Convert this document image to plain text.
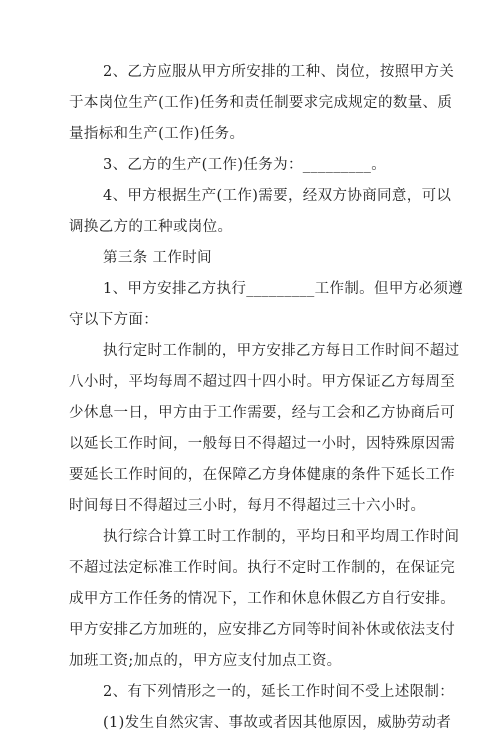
2、乙方应服从甲方所安排的工种、岗位，按照甲方关
于本岗位生产(工作)任务和责任制要求完成规定的数量、质
量指标和生产(工作)任务。
3、乙方的生产(工作)任务为：_________。
4、甲方根据生产(工作)需要，经双方协商同意，可以
调换乙方的工种或岗位。
第三条 工作时间
1、甲方安排乙方执行_________工作制。但甲方必须遵
守以下方面：
执行定时工作制的，甲方安排乙方每日工作时间不超过
八小时，平均每周不超过四十四小时。甲方保证乙方每周至
少休息一日，甲方由于工作需要，经与工会和乙方协商后可
以延长工作时间，一般每日不得超过一小时，因特殊原因需
要延长工作时间的，在保障乙方身体健康的条件下延长工作
时间每日不得超过三小时，每月不得超过三十六小时。
执行综合计算工时工作制的，平均日和平均周工作时间
不超过法定标准工作时间。执行不定时工作制的，在保证完
成甲方工作任务的情况下，工作和休息休假乙方自行安排。
甲方安排乙方加班的，应安排乙方同等时间补休或依法支付
加班工资;加点的，甲方应支付加点工资。
2、有下列情形之一的，延长工作时间不受上述限制：
(1)发生自然灾害、事故或者因其他原因，威胁劳动者
